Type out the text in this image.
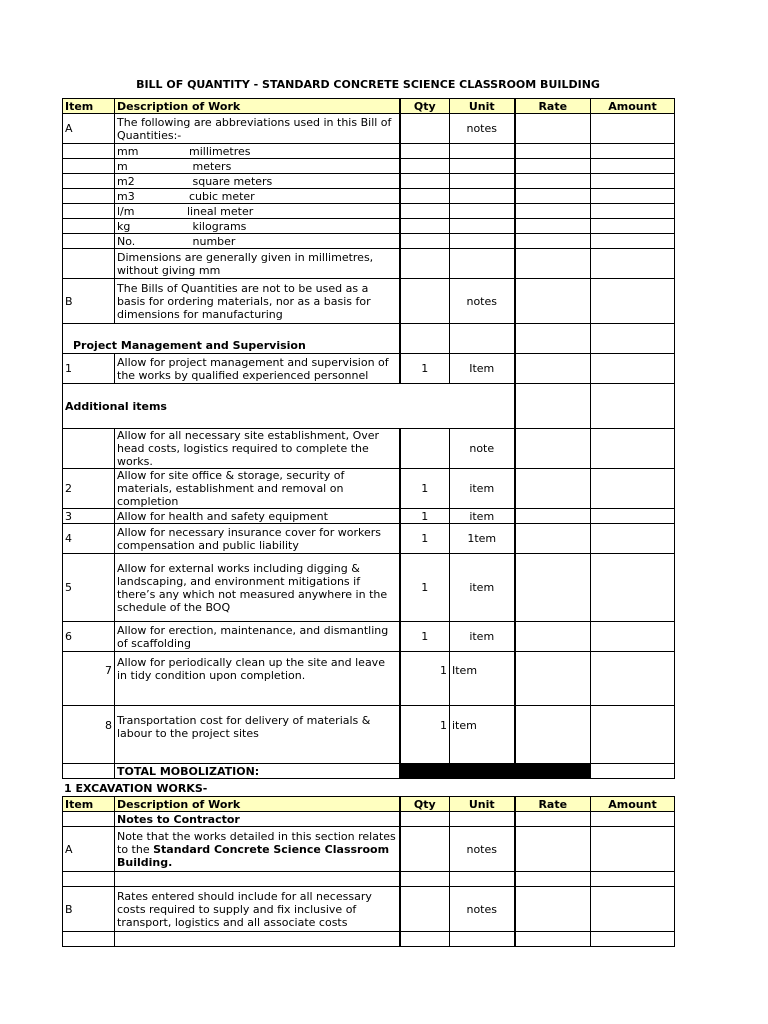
BILL OF QUANTITY - STANDARD CONCRETE SCIENCE CLASSROOM BUILDING
Item	Description of Work	Qty	Unit	Rate	Amount
A	The following are abbreviations used in this Bill of Quantities:-		notes		
	mm millimetres				
	m meters				
	m2 square meters				
	m3 cubic meter				
	l/m lineal meter				
	kg kilograms				
	No. number				
	Dimensions are generally given in millimetres, without giving mm				
B	The Bills of Quantities are not to be used as a basis for ordering materials, nor as a basis for dimensions for manufacturing		notes		
Project Management and Supervision					
1	Allow for project management and supervision of the works by qualified experienced personnel	1	Item		
Additional items					
	Allow for all necessary site establishment, Over head costs, logistics required to complete the works.		note		
2	Allow for site office & storage, security of materials, establishment and removal on completion	1	item		
3	Allow for health and safety equipment	1	item		
4	Allow for necessary insurance cover for workers compensation and public liability	1	1tem		
5	Allow for external works including digging & landscaping, and environment mitigations if there’s any which not measured anywhere in the schedule of the BOQ	1	item		
6	Allow for erection, maintenance, and dismantling of scaffolding	1	item		
7	Allow for periodically clean up the site and leave in tidy condition upon completion.	1	Item		
8	Transportation cost for delivery of materials & labour to the project sites	1	item		
	TOTAL MOBOLIZATION:				
1 EXCAVATION WORKS-
Item	Description of Work	Qty	Unit	Rate	Amount
	Notes to Contractor				
A	Note that the works detailed in this section relates to the Standard Concrete Science Classroom Building.		notes		

B	Rates entered should include for all necessary costs required to supply and fix inclusive of transport, logistics and all associate costs		notes		
